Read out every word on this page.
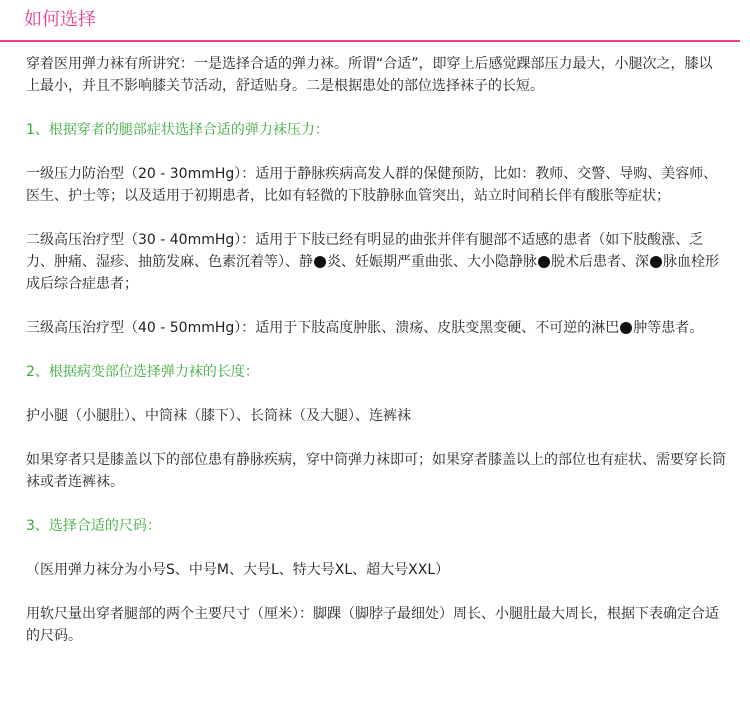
如何选择

穿着医用弹力袜有所讲究：一是选择合适的弹力袜。所谓“合适”，即穿上后感觉踝部压力最大，小腿次之，膝以上最小，并且不影响膝关节活动，舒适贴身。二是根据患处的部位选择袜子的长短。

1、根据穿者的腿部症状选择合适的弹力袜压力：

一级压力防治型（20 - 30mmHg）：适用于静脉疾病高发人群的保健预防，比如：教师、交警、导购、美容师、医生、护士等；以及适用于初期患者，比如有轻微的下肢静脉血管突出，站立时间稍长伴有酸胀等症状；

二级高压治疗型（30 - 40mmHg）：适用于下肢已经有明显的曲张并伴有腿部不适感的患者（如下肢酸涨、乏力、肿痛、湿疹、抽筋发麻、色素沉着等）、静 炎、妊娠期严重曲张、大小隐静脉 脱术后患者、深 脉血栓形成后综合症患者；

三级高压治疗型（40 - 50mmHg）：适用于下肢高度肿胀、溃疡、皮肤变黑变硬、不可逆的淋巴 肿等患者。

2、根据病变部位选择弹力袜的长度：

护小腿（小腿肚）、中筒袜（膝下）、长筒袜（及大腿）、连裤袜

如果穿者只是膝盖以下的部位患有静脉疾病，穿中筒弹力袜即可；如果穿者膝盖以上的部位也有症状、需要穿长筒袜或者连裤袜。

3、选择合适的尺码：

（医用弹力袜分为小号S、中号M、大号L、特大号XL、超大号XXL）

用软尺量出穿者腿部的两个主要尺寸（厘米）：脚踝（脚脖子最细处）周长、小腿肚最大周长，根据下表确定合适的尺码。
